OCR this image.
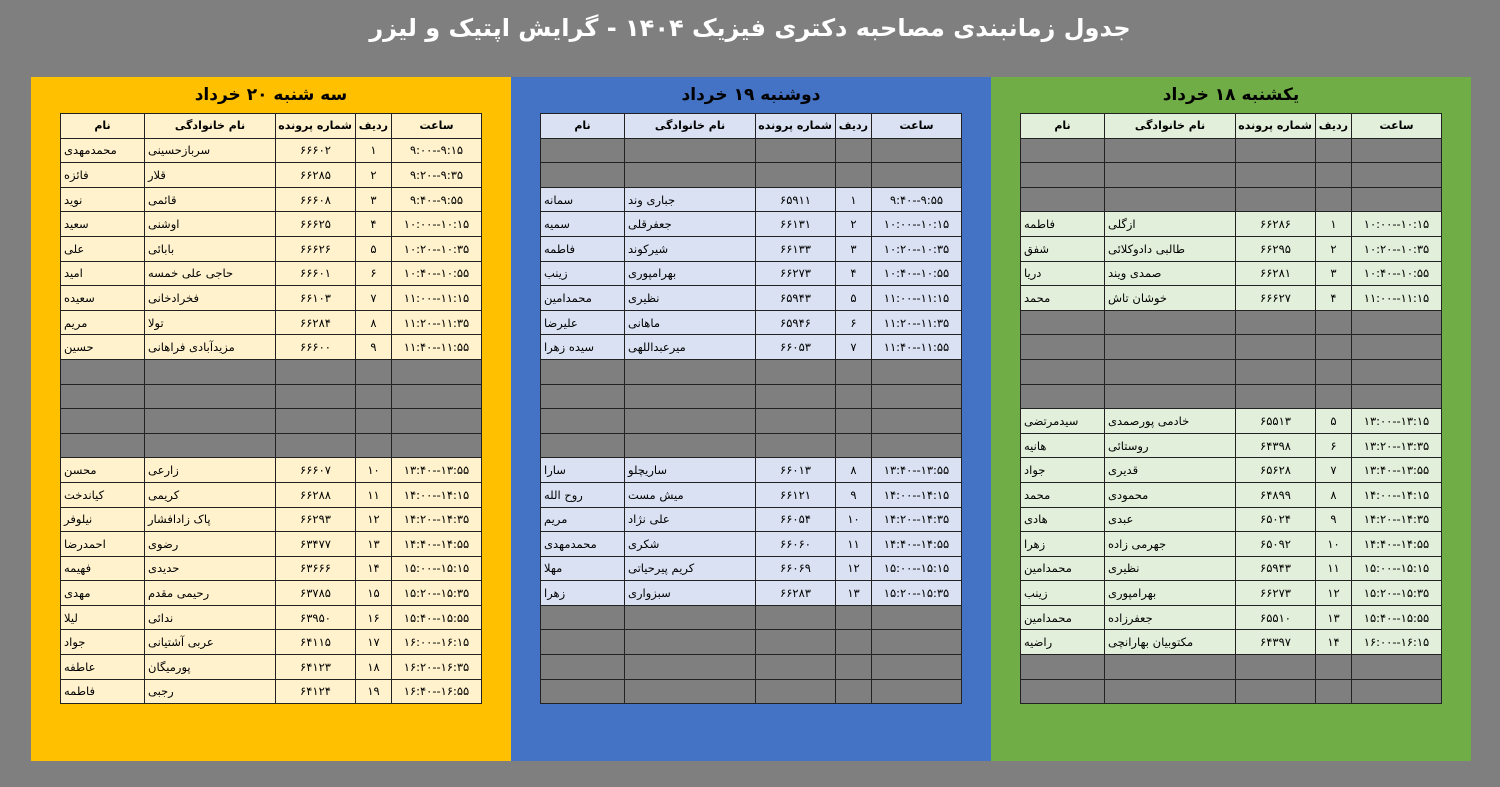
جدول زمانبندی مصاحبه دکتری فیزیک ۱۴۰۴ - گرایش اپتیک و لیزر
سه شنبه ۲۰ خرداد
ساعت	ردیف	شماره پرونده	نام خانوادگی	نام
۹:۰۰--۹:۱۵	۱	۶۶۶۰۲	سربازحسینی	محمدمهدی
۹:۲۰--۹:۳۵	۲	۶۶۲۸۵	قلار	فائزه
۹:۴۰--۹:۵۵	۳	۶۶۶۰۸	قائمی	نوید
۱۰:۰۰--۱۰:۱۵	۴	۶۶۶۲۵	اوشنی	سعید
۱۰:۲۰--۱۰:۳۵	۵	۶۶۶۲۶	بابائی	علی
۱۰:۴۰--۱۰:۵۵	۶	۶۶۶۰۱	حاجی علی خمسه	امید
۱۱:۰۰--۱۱:۱۵	۷	۶۶۱۰۳	فخرادخانی	سعیده
۱۱:۲۰--۱۱:۳۵	۸	۶۶۲۸۴	تولا	مریم
۱۱:۴۰--۱۱:۵۵	۹	۶۶۶۰۰	مزیدآبادی فراهانی	حسین

۱۳:۴۰--۱۳:۵۵	۱۰	۶۶۶۰۷	زارعی	محسن
۱۴:۰۰--۱۴:۱۵	۱۱	۶۶۲۸۸	کریمی	کیاندخت
۱۴:۲۰--۱۴:۳۵	۱۲	۶۶۲۹۳	پاک زادافشار	نیلوفر
۱۴:۴۰--۱۴:۵۵	۱۳	۶۳۴۷۷	رضوی	احمدرضا
۱۵:۰۰--۱۵:۱۵	۱۴	۶۳۶۶۶	حدیدی	فهیمه
۱۵:۲۰--۱۵:۳۵	۱۵	۶۳۷۸۵	رحیمی مقدم	مهدی
۱۵:۴۰--۱۵:۵۵	۱۶	۶۳۹۵۰	ندائی	لیلا
۱۶:۰۰--۱۶:۱۵	۱۷	۶۴۱۱۵	عربی آشتیانی	جواد
۱۶:۲۰--۱۶:۳۵	۱۸	۶۴۱۲۳	پورمیگان	عاطفه
۱۶:۴۰--۱۶:۵۵	۱۹	۶۴۱۲۴	رجبی	فاطمه
دوشنبه ۱۹ خرداد
ساعت	ردیف	شماره پرونده	نام خانوادگی	نام

۹:۴۰--۹:۵۵	۱	۶۵۹۱۱	جباری وند	سمانه
۱۰:۰۰--۱۰:۱۵	۲	۶۶۱۳۱	جعفرقلی	سمیه
۱۰:۲۰--۱۰:۳۵	۳	۶۶۱۳۳	شیرکوند	فاطمه
۱۰:۴۰--۱۰:۵۵	۴	۶۶۲۷۳	بهرامپوری	زینب
۱۱:۰۰--۱۱:۱۵	۵	۶۵۹۴۳	نظیری	محمدامین
۱۱:۲۰--۱۱:۳۵	۶	۶۵۹۴۶	ماهانی	علیرضا
۱۱:۴۰--۱۱:۵۵	۷	۶۶۰۵۳	میرعبداللهی	سیده زهرا

۱۳:۴۰--۱۳:۵۵	۸	۶۶۰۱۳	ساریچلو	سارا
۱۴:۰۰--۱۴:۱۵	۹	۶۶۱۲۱	میش مست	روح الله
۱۴:۲۰--۱۴:۳۵	۱۰	۶۶۰۵۴	علی نژاد	مریم
۱۴:۴۰--۱۴:۵۵	۱۱	۶۶۰۶۰	شکری	محمدمهدی
۱۵:۰۰--۱۵:۱۵	۱۲	۶۶۰۶۹	کریم پیرحیاتی	مهلا
۱۵:۲۰--۱۵:۳۵	۱۳	۶۶۲۸۳	سبزواری	زهرا

یکشنبه ۱۸ خرداد
ساعت	ردیف	شماره پرونده	نام خانوادگی	نام

۱۰:۰۰--۱۰:۱۵	۱	۶۶۲۸۶	ازگلی	فاطمه
۱۰:۲۰--۱۰:۳۵	۲	۶۶۲۹۵	طالبی دادوکلائی	شفق
۱۰:۴۰--۱۰:۵۵	۳	۶۶۲۸۱	صمدی ویند	دریا
۱۱:۰۰--۱۱:۱۵	۴	۶۶۶۲۷	خوشان تاش	محمد

۱۳:۰۰--۱۳:۱۵	۵	۶۵۵۱۳	خادمی پورصمدی	سیدمرتضی
۱۳:۲۰--۱۳:۳۵	۶	۶۴۳۹۸	روستائی	هانیه
۱۳:۴۰--۱۳:۵۵	۷	۶۵۶۲۸	قدیری	جواد
۱۴:۰۰--۱۴:۱۵	۸	۶۴۸۹۹	محمودی	محمد
۱۴:۲۰--۱۴:۳۵	۹	۶۵۰۲۴	عبدی	هادی
۱۴:۴۰--۱۴:۵۵	۱۰	۶۵۰۹۲	جهرمی زاده	زهرا
۱۵:۰۰--۱۵:۱۵	۱۱	۶۵۹۴۳	نظیری	محمدامین
۱۵:۲۰--۱۵:۳۵	۱۲	۶۶۲۷۳	بهرامپوری	زینب
۱۵:۴۰--۱۵:۵۵	۱۳	۶۵۵۱۰	جعفرزاده	محمدامین
۱۶:۰۰--۱۶:۱۵	۱۴	۶۴۳۹۷	مکتوبیان بهارانچی	راضیه
